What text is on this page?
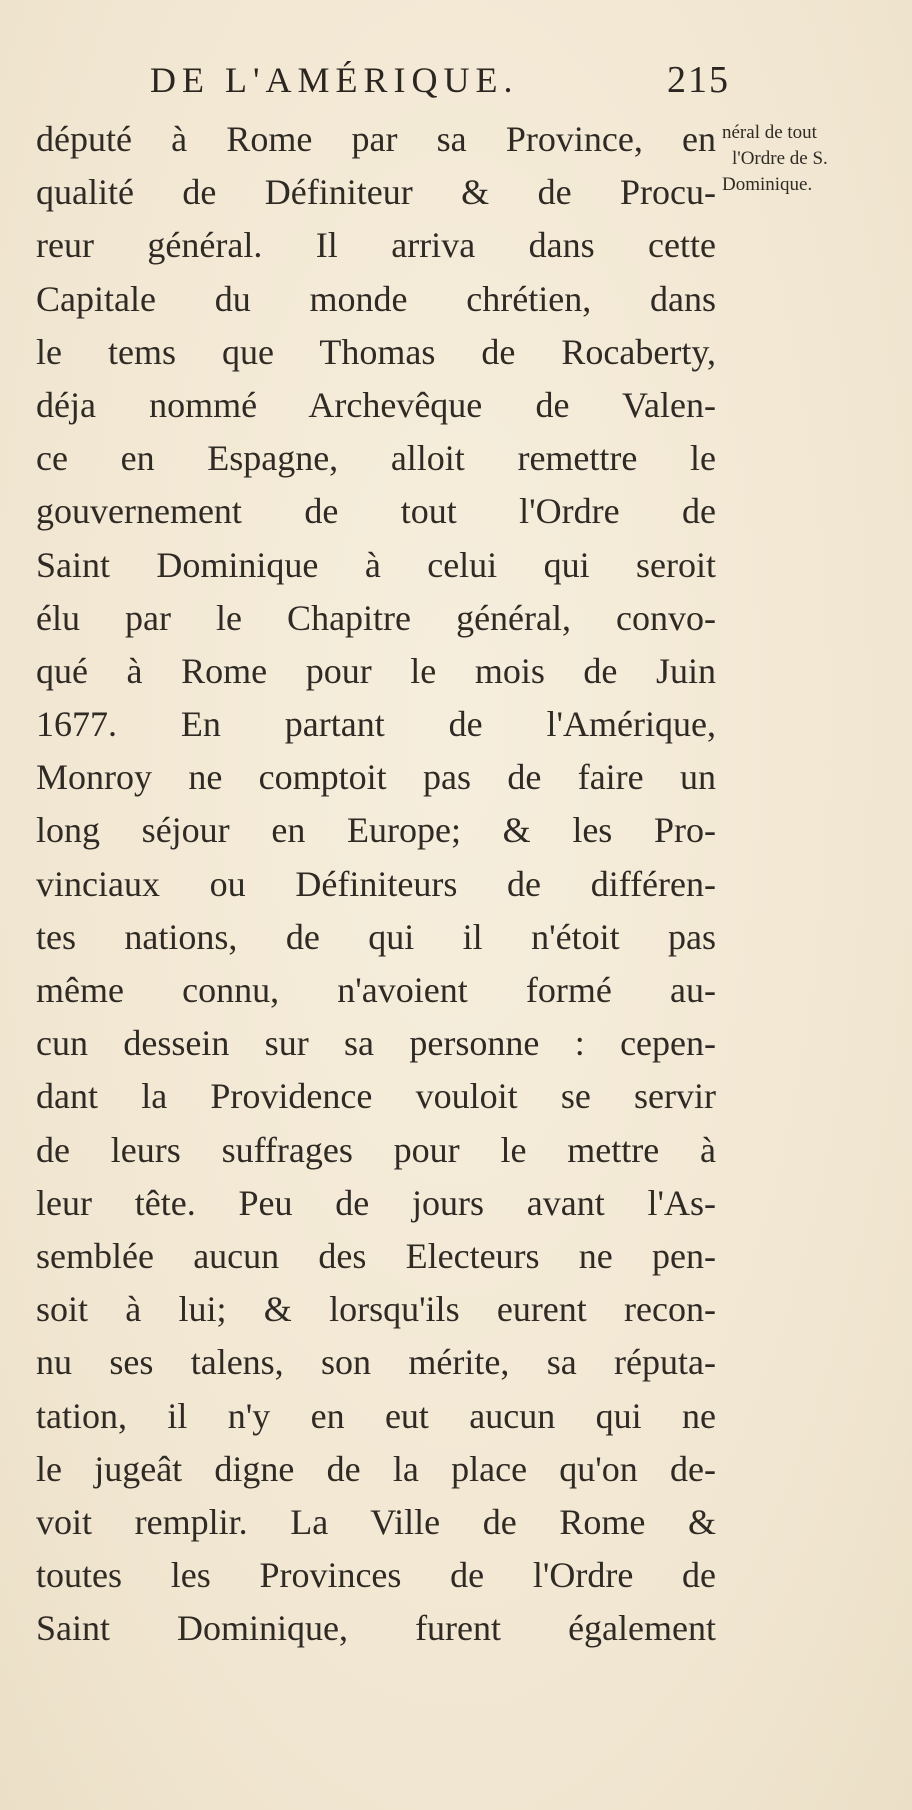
DE L'AMÉRIQUE.	215
néral de tout
l'Ordre de S.
Dominique.
député à Rome par sa Province, en
qualité de Définiteur & de Procu-
reur général. Il arriva dans cette
Capitale du monde chrétien, dans
le tems que Thomas de Rocaberty,
déja nommé Archevêque de Valen-
ce en Espagne, alloit remettre le
gouvernement de tout l'Ordre de
Saint Dominique à celui qui seroit
élu par le Chapitre général, convo-
qué à Rome pour le mois de Juin
1677. En partant de l'Amérique,
Monroy ne comptoit pas de faire un
long séjour en Europe; & les Pro-
vinciaux ou Définiteurs de différen-
tes nations, de qui il n'étoit pas
même connu, n'avoient formé au-
cun dessein sur sa personne : cepen-
dant la Providence vouloit se servir
de leurs suffrages pour le mettre à
leur tête. Peu de jours avant l'As-
semblée aucun des Electeurs ne pen-
soit à lui; & lorsqu'ils eurent recon-
nu ses talens, son mérite, sa réputa-
tation, il n'y en eut aucun qui ne
le jugeât digne de la place qu'on de-
voit remplir. La Ville de Rome &
toutes les Provinces de l'Ordre de
Saint Dominique, furent également
